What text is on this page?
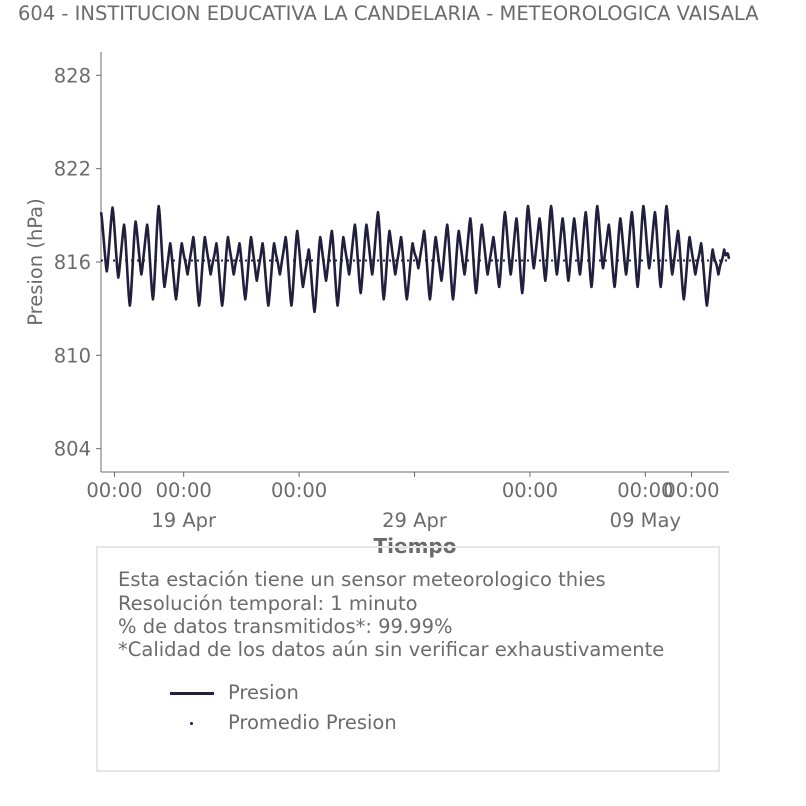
604 - INSTITUCION EDUCATIVA LA CANDELARIA - METEOROLOGICA VAISALA
804
810
816
822
828
00:00 00:00
19 Apr
00:00
29 Apr
00:00	00:00
09 May
00:00
Presion (hPa)
Tiempo
Esta estación tiene un sensor meteorologico thies
Resolución temporal: 1 minuto
% de datos transmitidos*: 99.99%
*Calidad de los datos aún sin verificar exhaustivamente
Presion
Promedio Presion
